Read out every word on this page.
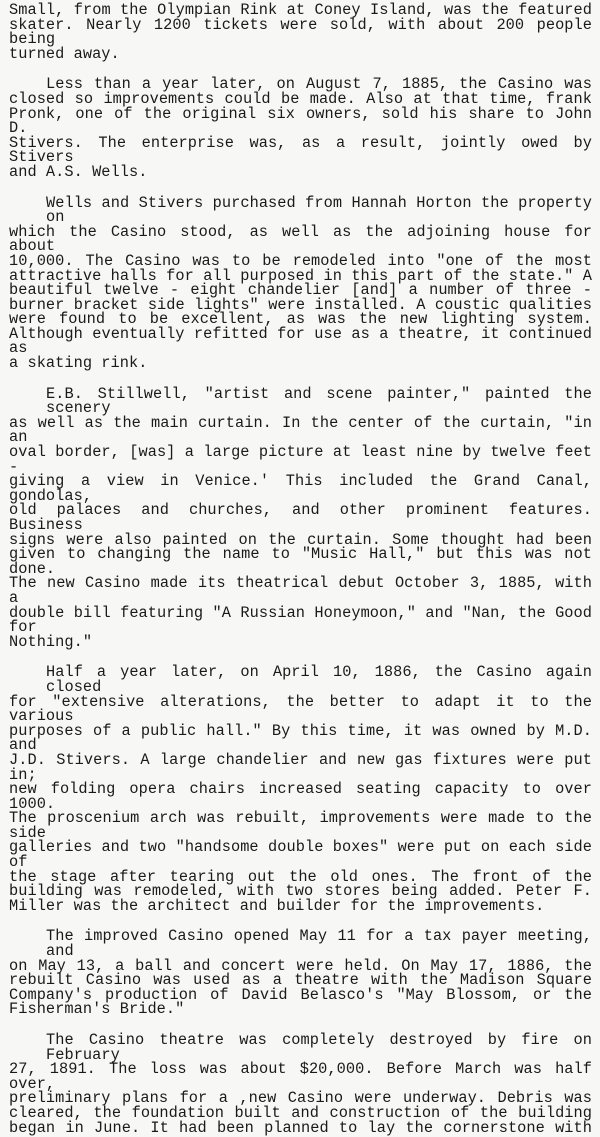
Small, from the Olympian Rink at Coney Island, was the featured
skater. Nearly 1200 tickets were sold, with about 200 people being
turned away.

Less than a year later, on August 7, 1885, the Casino was
closed so improvements could be made. Also at that time, frank
Pronk, one of the original six owners, sold his share to John D.
Stivers. The enterprise was, as a result, jointly owed by Stivers
and A.S. Wells.

Wells and Stivers purchased from Hannah Horton the property on
which the Casino stood, as well as the adjoining house for about
10,000. The Casino was to be remodeled into "one of the most
attractive halls for all purposed in this part of the state." A
beautiful twelve - eight chandelier [and] a number of three -
burner bracket side lights" were installed. A coustic qualities
were found to be excellent, as was the new lighting system.
Although eventually refitted for use as a theatre, it continued as
a skating rink.

E.B. Stillwell, "artist and scene painter," painted the scenery
as well as the main curtain. In the center of the curtain, "in an
oval border, [was] a large picture at least nine by twelve feet -
giving a view in Venice.' This included the Grand Canal, gondolas,
old palaces and churches, and other prominent features. Business
signs were also painted on the curtain. Some thought had been
given to changing the name to "Music Hall," but this was not done.
The new Casino made its theatrical debut October 3, 1885, with a
double bill featuring "A Russian Honeymoon," and "Nan, the Good for
Nothing."

Half a year later, on April 10, 1886, the Casino again closed
for "extensive alterations, the better to adapt it to the various
purposes of a public hall." By this time, it was owned by M.D. and
J.D. Stivers. A large chandelier and new gas fixtures were put in;
new folding opera chairs increased seating capacity to over 1000.
The proscenium arch was rebuilt, improvements were made to the side
galleries and two "handsome double boxes" were put on each side of
the stage after tearing out the old ones. The front of the
building was remodeled, with two stores being added. Peter F.
Miller was the architect and builder for the improvements.

The improved Casino opened May 11 for a tax payer meeting, and
on May 13, a ball and concert were held. On May 17, 1886, the
rebuilt Casino was used as a theatre with the Madison Square
Company's production of David Belasco's "May Blossom, or the
Fisherman's Bride."

The Casino theatre was completely destroyed by fire on February
27, 1891. The loss was about $20,000. Before March was half over,
preliminary plans for a ,new Casino were underway. Debris was
cleared, the foundation built and construction of the building
began in June. It had been planned to lay the cornerstone with
